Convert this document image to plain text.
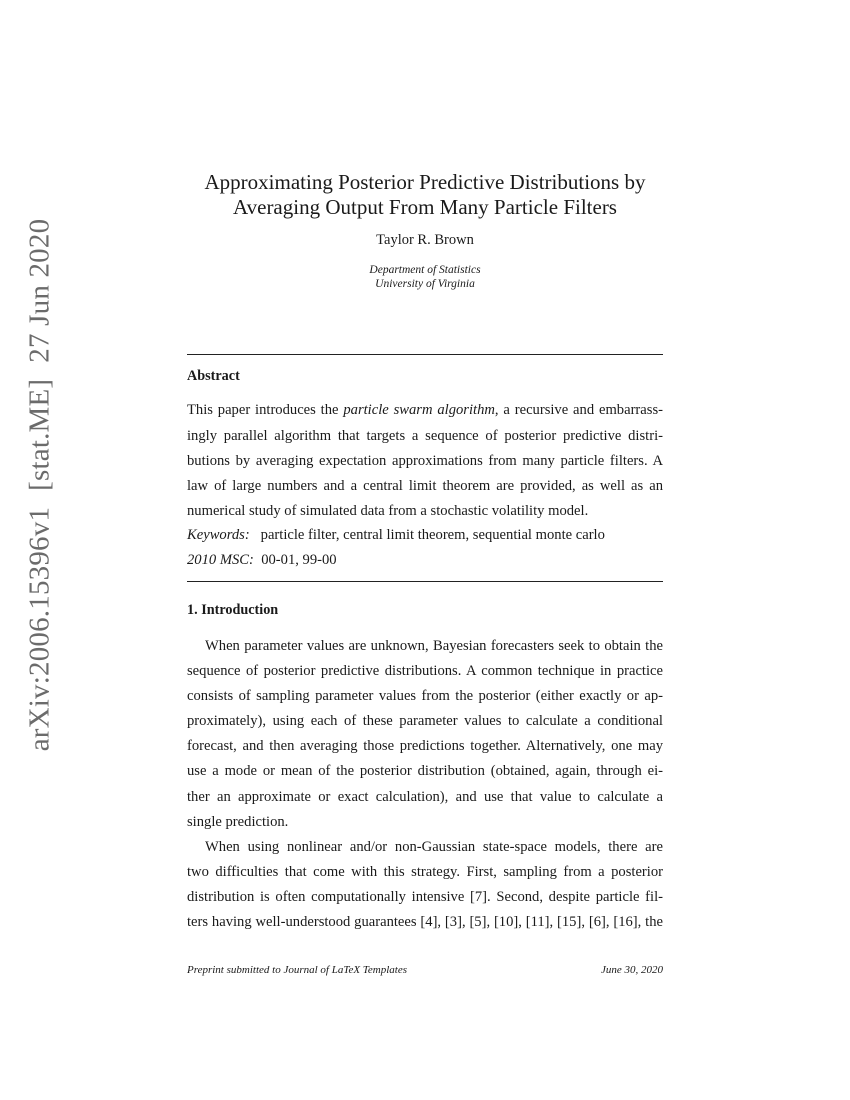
arXiv:2006.15396v1[stat.ME]27 Jun 2020
Approximating Posterior Predictive Distributions by
Averaging Output From Many Particle Filters
Taylor R. Brown
Department of Statistics
University of Virginia
Abstract
This paper introduces the particle swarm algorithm, a recursive and embarrass-
ingly parallel algorithm that targets a sequence of posterior predictive distri-
butions by averaging expectation approximations from many particle filters. A
law of large numbers and a central limit theorem are provided, as well as an
numerical study of simulated data from a stochastic volatility model.
Keywords: particle filter, central limit theorem, sequential monte carlo
2010 MSC: 00-01, 99-00
1. Introduction
When parameter values are unknown, Bayesian forecasters seek to obtain the
sequence of posterior predictive distributions. A common technique in practice
consists of sampling parameter values from the posterior (either exactly or ap-
proximately), using each of these parameter values to calculate a conditional
forecast, and then averaging those predictions together. Alternatively, one may
use a mode or mean of the posterior distribution (obtained, again, through ei-
ther an approximate or exact calculation), and use that value to calculate a
single prediction.
When using nonlinear and/or non-Gaussian state-space models, there are
two difficulties that come with this strategy. First, sampling from a posterior
distribution is often computationally intensive [7]. Second, despite particle fil-
ters having well-understood guarantees [4], [3], [5], [10], [11], [15], [6], [16], the
Preprint submitted to Journal of LaTeX Templates	June 30, 2020
